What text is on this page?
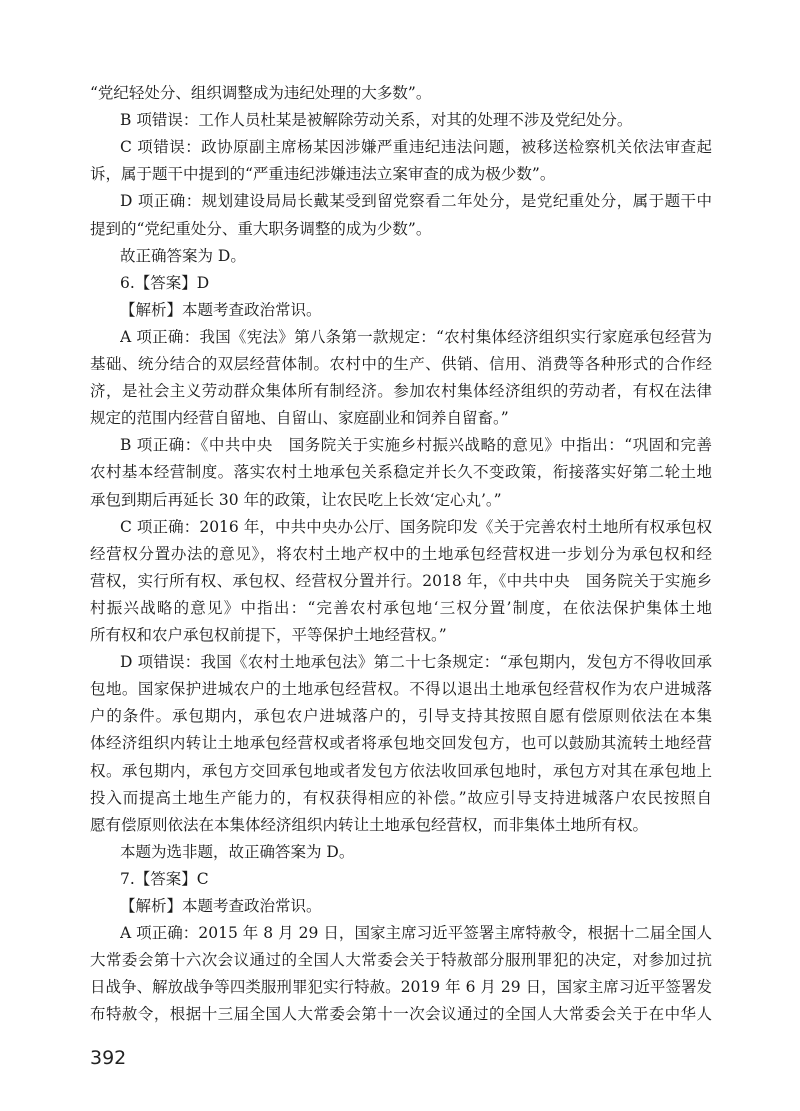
“党纪轻处分、组织调整成为违纪处理的大多数”。
B 项错误：工作人员杜某是被解除劳动关系，对其的处理不涉及党纪处分。
C 项错误：政协原副主席杨某因涉嫌严重违纪违法问题，被移送检察机关依法审查起
诉，属于题干中提到的“严重违纪涉嫌违法立案审查的成为极少数”。
D 项正确：规划建设局局长戴某受到留党察看二年处分，是党纪重处分，属于题干中
提到的“党纪重处分、重大职务调整的成为少数”。
故正确答案为 D。
6.【答案】D
【解析】本题考查政治常识。
A 项正确：我国《宪法》第八条第一款规定：“农村集体经济组织实行家庭承包经营为
基础、统分结合的双层经营体制。农村中的生产、供销、信用、消费等各种形式的合作经
济，是社会主义劳动群众集体所有制经济。参加农村集体经济组织的劳动者，有权在法律
规定的范围内经营自留地、自留山、家庭副业和饲养自留畜。”
B 项正确：《中共中央　国务院关于实施乡村振兴战略的意见》中指出：“巩固和完善
农村基本经营制度。落实农村土地承包关系稳定并长久不变政策，衔接落实好第二轮土地
承包到期后再延长 30 年的政策，让农民吃上长效‘定心丸’。”
C 项正确：2016 年，中共中央办公厅、国务院印发《关于完善农村土地所有权承包权
经营权分置办法的意见》，将农村土地产权中的土地承包经营权进一步划分为承包权和经
营权，实行所有权、承包权、经营权分置并行。2018 年，《中共中央　国务院关于实施乡
村振兴战略的意见》中指出：“完善农村承包地‘三权分置’制度，在依法保护集体土地
所有权和农户承包权前提下，平等保护土地经营权。”
D 项错误：我国《农村土地承包法》第二十七条规定：“承包期内，发包方不得收回承
包地。国家保护进城农户的土地承包经营权。不得以退出土地承包经营权作为农户进城落
户的条件。承包期内，承包农户进城落户的，引导支持其按照自愿有偿原则依法在本集
体经济组织内转让土地承包经营权或者将承包地交回发包方，也可以鼓励其流转土地经营
权。承包期内，承包方交回承包地或者发包方依法收回承包地时，承包方对其在承包地上
投入而提高土地生产能力的，有权获得相应的补偿。”故应引导支持进城落户农民按照自
愿有偿原则依法在本集体经济组织内转让土地承包经营权，而非集体土地所有权。
本题为选非题，故正确答案为 D。
7.【答案】C
【解析】本题考查政治常识。
A 项正确：2015 年 8 月 29 日，国家主席习近平签署主席特赦令，根据十二届全国人
大常委会第十六次会议通过的全国人大常委会关于特赦部分服刑罪犯的决定，对参加过抗
日战争、解放战争等四类服刑罪犯实行特赦。2019 年 6 月 29 日，国家主席习近平签署发
布特赦令，根据十三届全国人大常委会第十一次会议通过的全国人大常委会关于在中华人
392
